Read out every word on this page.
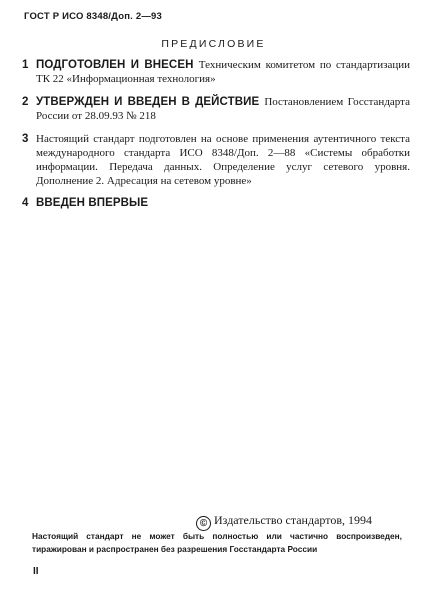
ГОСТ Р ИСО 8348/Доп. 2—93
ПРЕДИСЛОВИЕ
1 ПОДГОТОВЛЕН И ВНЕСЕН Техническим комитетом по стандартизации ТК 22 «Информационная технология»
2 УТВЕРЖДЕН И ВВЕДЕН В ДЕЙСТВИЕ Постановлением Госстандарта России от 28.09.93 № 218
3 Настоящий стандарт подготовлен на основе применения аутентичного текста международного стандарта ИСО 8348/Доп. 2—88 «Системы обработки информации. Передача данных. Определение услуг сетевого уровня. Дополнение 2. Адресация на сетевом уровне»
4 ВВЕДЕН ВПЕРВЫЕ
© Издательство стандартов, 1994
Настоящий стандарт не может быть полностью или частично воспроизведен, тиражирован и распространен без разрешения Госстандарта России
II
